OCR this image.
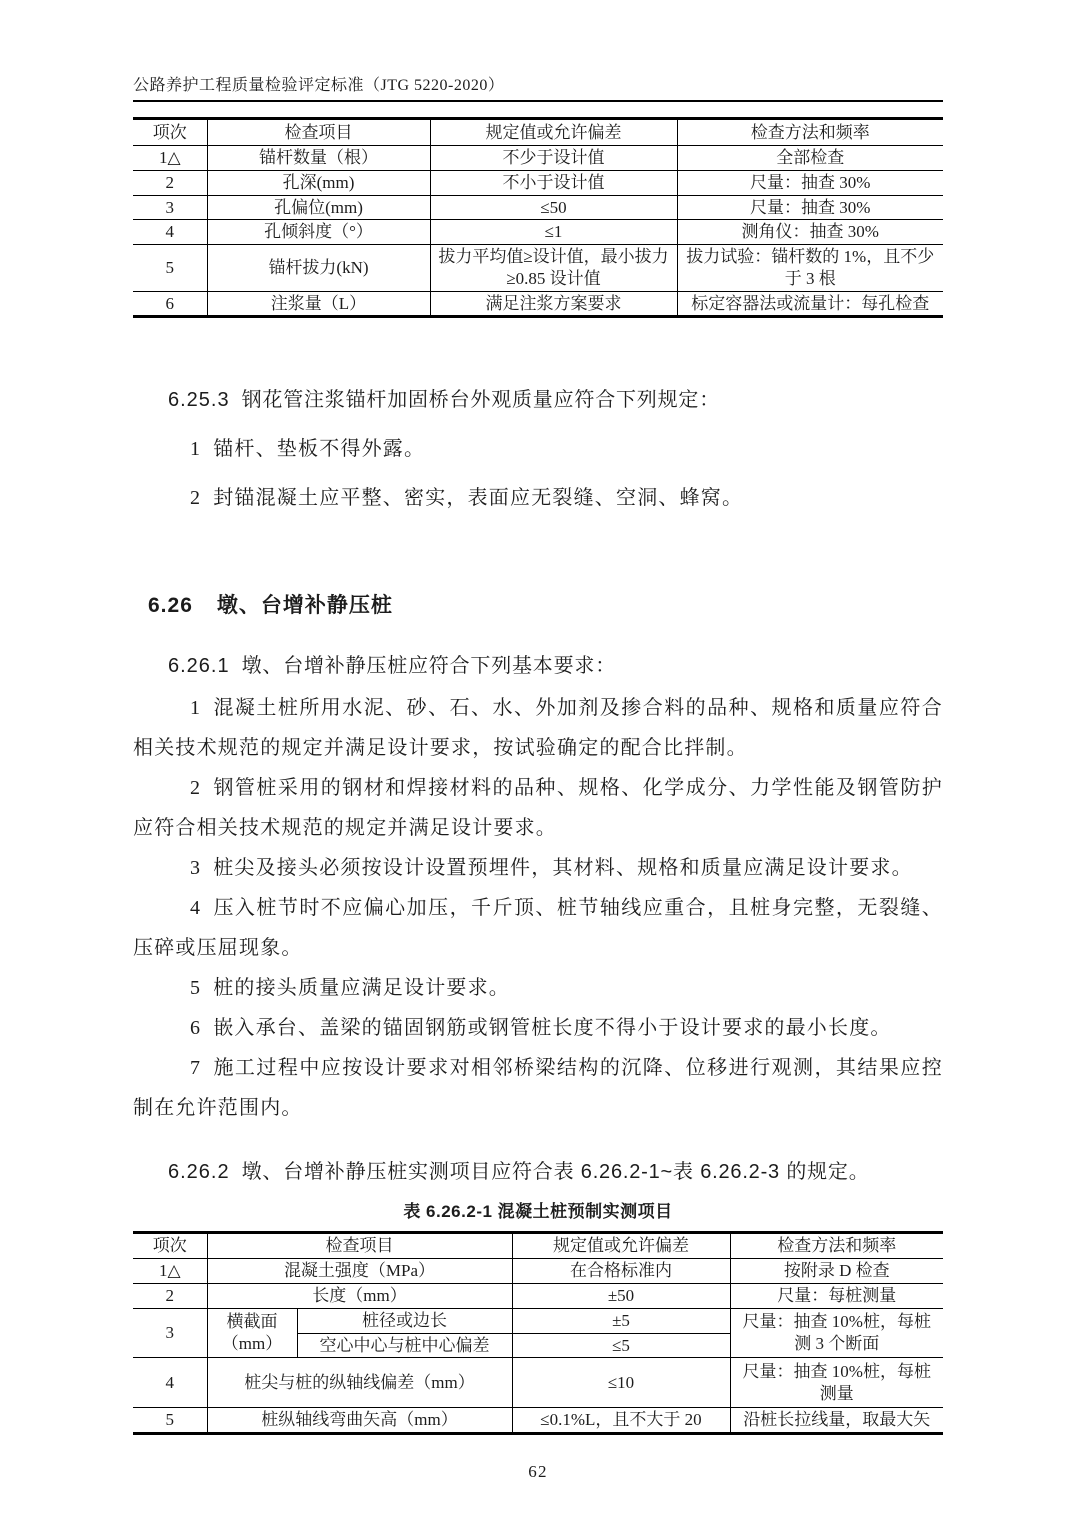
公路养护工程质量检验评定标准（JTG 5220-2020）
项次	检查项目	规定值或允许偏差	检查方法和频率
1△	锚杆数量（根）	不少于设计值	全部检查
2	孔深(mm)	不小于设计值	尺量：抽查 30%
3	孔偏位(mm)	≤50	尺量：抽查 30%
4	孔倾斜度（°）	≤1	测角仪：抽查 30%
5	锚杆拔力(kN)	拔力平均值≥设计值，最小拔力≥0.85 设计值	拔力试验：锚杆数的 1%，且不少于 3 根
6	注浆量（L）	满足注浆方案要求	标定容器法或流量计：每孔检查

6.25.3 钢花管注浆锚杆加固桥台外观质量应符合下列规定：

1 锚杆、垫板不得外露。

2 封锚混凝土应平整、密实，表面应无裂缝、空洞、蜂窝。

6.26 墩、台增补静压桩

6.26.1 墩、台增补静压桩应符合下列基本要求：

1 混凝土桩所用水泥、砂、石、水、外加剂及掺合料的品种、规格和质量应符合相关技术规范的规定并满足设计要求，按试验确定的配合比拌制。

2 钢管桩采用的钢材和焊接材料的品种、规格、化学成分、力学性能及钢管防护应符合相关技术规范的规定并满足设计要求。

3 桩尖及接头必须按设计设置预埋件，其材料、规格和质量应满足设计要求。

4 压入桩节时不应偏心加压，千斤顶、桩节轴线应重合，且桩身完整，无裂缝、压碎或压屈现象。

5 桩的接头质量应满足设计要求。

6 嵌入承台、盖梁的锚固钢筋或钢管桩长度不得小于设计要求的最小长度。

7 施工过程中应按设计要求对相邻桥梁结构的沉降、位移进行观测，其结果应控制在允许范围内。

6.26.2 墩、台增补静压桩实测项目应符合表 6.26.2-1~表 6.26.2-3 的规定。

表 6.26.2-1 混凝土桩预制实测项目

项次	检查项目		规定值或允许偏差	检查方法和频率
1△	混凝土强度（MPa）		在合格标准内	按附录 D 检查
2	长度（mm）		±50	尺量：每桩测量
3	横截面（mm）	桩径或边长	±5	尺量：抽查 10%桩，每桩测 3 个断面
		空心中心与桩中心偏差	≤5	
4	桩尖与桩的纵轴线偏差（mm）		≤10	尺量：抽查 10%桩，每桩测量
5	桩纵轴线弯曲矢高（mm）		≤0.1%L，且不大于 20	沿桩长拉线量，取最大矢

62
